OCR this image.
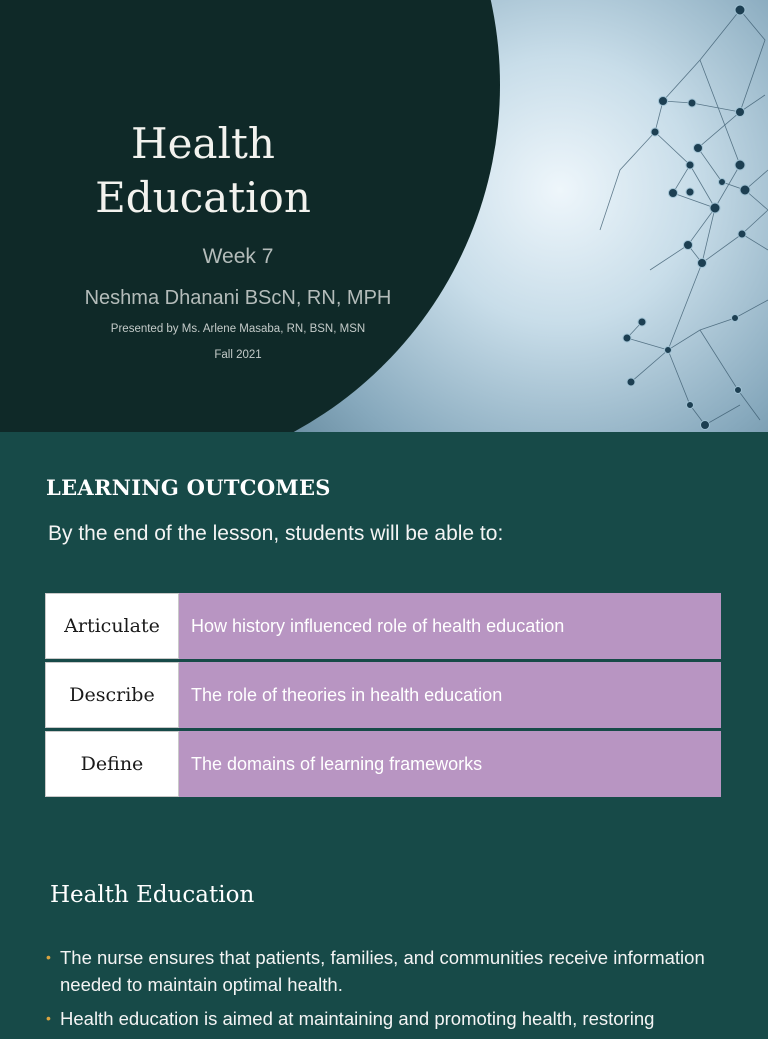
Health
Education
Week 7
Neshma Dhanani BScN, RN, MPH
Presented by Ms. Arlene Masaba, RN, BSN, MSN
Fall 2021
LEARNING OUTCOMES
By the end of the lesson, students will be able to:
Articulate	How history influenced role of health education
Describe	The role of theories in health education
Define	The domains of learning frameworks
Health Education
• The nurse ensures that patients, families, and communities receive information needed to maintain optimal health.
• Health education is aimed at maintaining and promoting health, restoring
